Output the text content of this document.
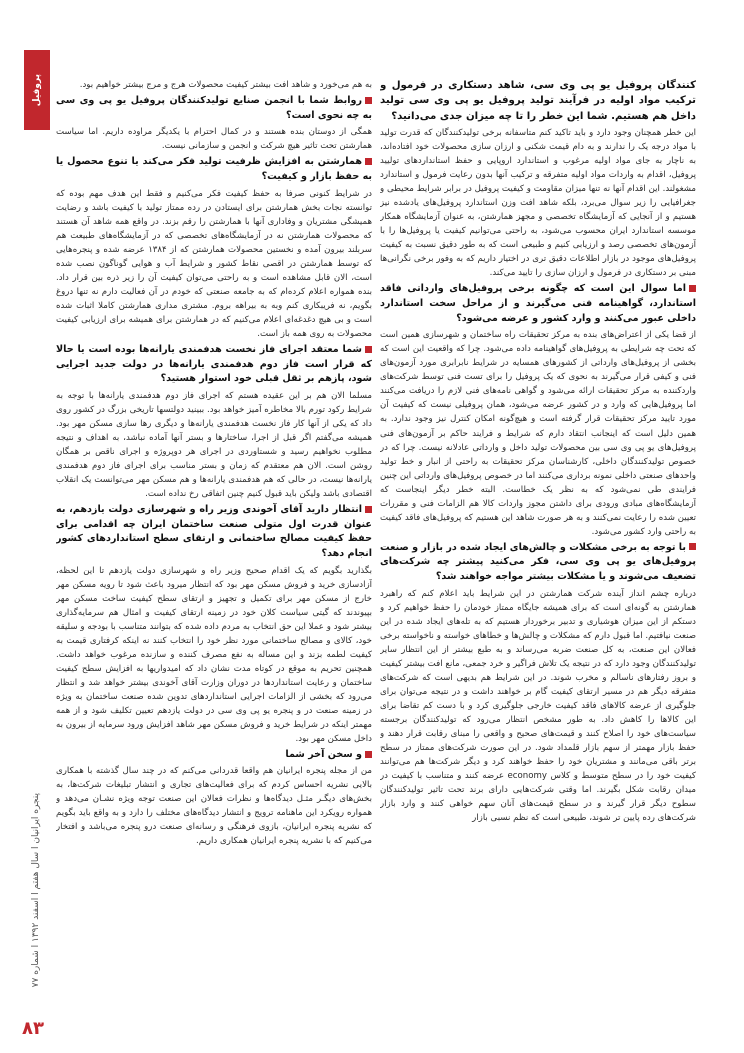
پروفیل
پنجره ایرانیان ا سال هفتم ا اسفند ۱۳۹۲ ا شماره ۷۷
۸۳
کنندگان پروفیل یو پی وی سی، شاهد دستکاری در فرمول و ترکیب مواد اولیه در فرآیند تولید پروفیل یو پی وی سی تولید داخل هم هستیم. شما این خطر را تا چه میزان جدی می‌دانید؟

این خطر همچنان وجود دارد و باید تاکید کنم متاسفانه برخی تولیدکنندگان که قدرت تولید با مواد درجه یک را ندارند و به دام قیمت شکنی و ارزان سازی محصولات خود افتاده‌اند، به ناچار به جای مواد اولیه مرغوب و استاندارد اروپایی و حفظ استانداردهای تولیید پروفیل، اقدام به واردات مواد اولیه متفرقه و ترکیب آنها بدون رعایت فرمول و استاندارد مشغولند. این اقدام آنها نه تنها میزان مقاومت و کیفیت پروفیل در برابر شرایط محیطی و جغرافیایی را زیر سوال می‌برد، بلکه شاهد افت وزن استاندارد پروفیل‌های یادشده نیز هستیم و از آنجایی که آزمایشگاه تخصصی و مجهز همارشتن، به عنوان آزمایشگاه همکار موسسه استاندارد ایران محسوب می‌شود، به راحتی می‌توانیم کیفیت یا پروفیل‌ها را با آزمون‌های تخصصی رصد و ارزیابی کنیم و طبیعی است که به طور دقیق نسبت به کیفیت پروفیل‌های موجود در بازار اطلاعات دقیق تری در اختیار داریم که به وفور برخی نگرانی‌ها مبنی بر دستکاری در فرمول و ارزان سازی را تایید می‌کند.

اما سوال این است که چگونه برخی پروفیل‌های وارداتی فاقد استاندارد، گواهینامه فنی می‌گیرند و از مراحل سخت استاندارد داخلی عبور می‌کنند و وارد کشور و عرضه می‌شود؟

از قضا یکی از اعتراض‌های بنده به مرکز تحقیقات راه ساختمان و شهرسازی همین است که تحت چه شرایطی به پروفیل‌های گواهینامه داده می‌شود. چرا که واقعیت این است که بخشی از پروفیل‌های وارداتی از کشورهای همسایه در شرایط نابرابری مورد آزمون‌های فنی و کیفی قرار می‌گیرند به نحوی که یک پروفیل را برای تست فنی توسط شرکت‌های واردکننده به مرکز تحقیقات ارائه می‌شود و گواهی نامه‌های فنی لازم را دریافت می‌کنند اما پروفیل‌هایی که وارد و در کشور عرضه می‌شود، همان پروفیلی نیست که کیفیت آن مورد تایید مرکز تحقیقات قرار گرفته است و هیچ‌گونه امکان کنترل نیز وجود ندارد. به همین دلیل است که اینجانب انتقاد دارم که شرایط و فرایند حاکم بر آزمون‌های فنی پروفیل‌های یو پی وی سی بین محصولات تولید داخل و وارداتی عادلانه نیست. چرا که در خصوص تولیدکنندگان داخلی، کارشناسان مرکز تحقیقات به راحتی از انبار و خط تولید واحدهای صنعتی داخلی نمونه برداری می‌کنند اما در خصوص پروفیل‌های وارداتی این چنین فرایندی طی نمی‌شود که به نظر یک خطاست. البته خطر دیگر اینجاست که آزمایشگاه‌های مبادی ورودی برای داشتن مجوز واردات کالا هم الزامات فنی و مقررات تعیین شده را رعایت نمی‌کنند و به هر صورت شاهد این هستیم که پروفیل‌های فاقد کیفیت به راحتی وارد کشور می‌شود.

با توجه به برخی مشکلات و چالش‌های ایجاد شده در بازار و صنعت پروفیل‌های یو پی وی سی، فکر می‌کنید پیشتر چه شرکت‌های تضعیف می‌شوند و یا مشکلات بیشتر مواجه خواهند شد؟

درباره چشم انداز آینده شرکت همارشتن در این شرایط باید اعلام کنم که راهبرد همارشتن به گونه‌ای است که برای همیشه جایگاه ممتاز خودمان را حفظ خواهیم کرد و دستکم از این میزان هوشیاری و تدبیر برخوردار هستیم که به تله‌های ایجاد شده در این صنعت نیافتیم. اما قبول دارم که مشکلات و چالش‌ها و خطاهای خواسته و ناخواسته برخی فعالان این صنعت، به کل صنعت ضربه می‌رساند و به طبع بیشتر از این انتظار سایر تولیدکنندگان وجود دارد که در نتیجه یک تلاش فراگیر و خرد جمعی، مانع افت بیشتر کیفیت و بروز رفتارهای ناسالم و مخرب شوند. در این شرایط هم بدیهی است که شرکت‌های متفرقه دیگر هم در مسیر ارتقای کیفیت گام بر خواهند داشت و در نتیجه می‌توان برای جلوگیری از عرضه کالاهای فاقد کیفیت خارجی جلوگیری کرد و با دست کم تقاضا برای این کالاها را کاهش داد. به طور مشخص انتظار می‌رود که تولیدکنندگان برجسته سیاست‌های خود را اصلاح کنند و قیمت‌های صحیح و واقعی را مبنای رقابت قرار دهند و حفظ بازار مهمتر از سهم بازار قلمداد شود. در این صورت شرکت‌های ممتاز در سطح برتر باقی می‌مانند و مشتریان خود را حفظ خواهند کرد و دیگر شرکت‌ها هم می‌توانند کیفیت خود را در سطح متوسط و کلاس economy عرضه کنند و متناسب با کیفیت در میدان رقابت شکل بگیرند. اما وقتی شرکت‌هایی دارای برند تحت تاثیر تولیدکنندگان سطوح دیگر قرار گیرند و در سطح قیمت‌های آنان سهم خواهی کنند و وارد بازار شرکت‌های رده پایین تر شوند، طبیعی است که نظم نسبی بازار

به هم می‌خورد و شاهد افت بیشتر کیفیت محصولات هرج و مرج بیشتر خواهیم بود.

روابط شما با انجمن صنایع تولیدکنندگان پروفیل یو پی وی سی به چه نحوی است؟

همگی از دوستان بنده هستند و در کمال احترام با یکدیگر مراوده داریم. اما سیاست همارشتن تحت تاثیر هیچ شرکت و انجمن و سازمانی نیست.

همارشتن به افزایش ظرفیت تولید فکر می‌کند یا تنوع محصول یا به حفظ بازار و کیفیت؟

در شرایط کنونی صرفا به حفظ کیفیت فکر می‌کنیم و فقط این هدف مهم بوده که توانسته نجات بخش همارشتن برای ایستادن در رده ممتاز تولید با کیفیت باشد و رضایت همیشگی مشتریان و وفاداری آنها با همارشتن را رقم بزند. در واقع همه شاهد آن هستند که محصولات همارشتن نه در آزمایشگاه‌های تخصصی که در آزمایشگاه‌های طبیعت هم سربلند بیرون آمده و نخستین محصولات همارشتن که از ۱۳۸۴ عرضه شده و پنجره‌هایی که توسط همارشتن در اقصی نقاط کشور و شرایط آب و هوایی گوناگون نصب شده است، الان قابل مشاهده است و به راحتی می‌توان کیفیت آن را زیر ذره بین قرار داد. بنده همواره اعلام کرده‌ام که به جامعه صنعتی که خودم در آن فعالیت دارم نه تنها دروغ بگویم، نه فریبکاری کنم وبه به بیراهه بروم. مشتری مداری همارشتن کاملا اثبات شده است و بی هیچ دغدغه‌ای اعلام می‌کنیم که در همارشتن برای همیشه برای ارزیابی کیفیت محصولات به روی همه باز است.

شما معتقد اجرای فاز نخست هدفمندی یارانه‌ها بوده است یا حالا که قرار است فاز دوم هدفمندی یارانه‌ها در دولت جدید اجرایی شود، پازهم بر ثقل قبلی خود استوار هستید؟

مسلما الان هم بر این عقیده هستم که اجرای فاز دوم هدفمندی یارانه‌ها با توجه به شرایط رکود تورم بالا مخاطره آمیز خواهد بود. ببینید دولتسها تاریخی بزرگ در کشور روی داد که یکی از آنها کار فاز نخست هدفمندی یارانه‌ها و دیگری رها سازی مسکن مهر بود. همیشه می‌گفتم اگر قبل از اجرا، ساختارها و بستر آنها آماده نباشد، به اهداف و نتیجه مطلوب نخواهیم رسید و شستاوردی در اجرای هر دوپروژه و اجرای ناقص بر همگان روشن است. الان هم معتقدم که زمان و بستر مناسب برای اجرای فاز دوم هدفمندی یارانه‌ها نیست، در حالی که هم هدفمندی یارانه‌ها و هم مسکن مهر می‌توانست یک انقلاب اقتصادی باشد ولیکن باید قبول کنیم چنین اتفاقی رخ نداده است.

انتظار دارید آقای آخوندی وزیر راه و شهرسازی دولت یازدهم، به عنوان قدرت اول متولی صنعت ساختمان ایران چه اقدامی برای حفظ کیفیت مصالح ساختمانی و ارتقای سطح استانداردهای کشور انجام دهد؟

بگذارید بگویم که یک اقدام صحیح وزیر راه و شهرسازی دولت یازدهم تا این لحظه، آزادسازی خرید و فروش مسکن مهر بود که انتظار میرود باعث شود تا رویه مسکن مهر خارج از مسکن مهر برای تکمیل و تجهیز و ارتقای سطح کیفیت ساخت مسکن مهر بپیوندند که گیتی سیاست کلان خود در زمینه ارتقای کیفیت و امثال هم سرمایه‌گذاری بیشتر شود و عملا این حق انتخاب به مردم داده شده که بتوانند متناسب با بودجه و سلیقه خود، کالای و مصالح ساختمانی مورد نظر خود را انتخاب کنند نه اینکه کرفتاری قیمت به کیفیت لطمه بزند و این مساله به نفع مصرف کننده و سازنده مرغوب خواهد داشت. همچنین تحریم به موقع در کوتاه مدت نشان داد که امیدواریها به افزایش سطح کیفیت ساختمان و رعایت استانداردها در دوران وزارت آقای آخوندی بیشتر خواهد شد و انتظار می‌رود که بخشی از الزامات اجرایی استانداردهای تدوین شده صنعت ساختمان به ویژه در زمینه صنعت در و پنجره یو پی وی سی در دولت یازدهم تعیین تکلیف شود و از همه مهمتر اینکه در شرایط خرید و فروش مسکن مهر شاهد افزایش ورود سرمایه از بیرون به داخل مسکن مهر بود.

و سخن آخر شما

من از مجله پنجره ایرانیان هم واقعا قدردانی می‌کنم که در چند سال گذشته با همکاری بالایی نشریه احساس کردم که برای فعالیت‌های تجاری و انتشار تبلیغات شرکت‌ها، به بخش‌های دیگـر مثـل دیدگاه‌ها و نظرات فعالان این صنعت توجه ویژه نشـان می‌دهد و همواره رویکرد این ماهنامه ترویج و انتشار دیدگاه‌های مختلف را دارد و به واقع باید بگویم که نشریه پنجره ایرانیان، بازوی فرهنگی و رسانه‌ای صنعت درو پنجره می‌باشد و افتخار می‌کنیم که با نشریه پنجره ایرانیان همکاری داریم.
